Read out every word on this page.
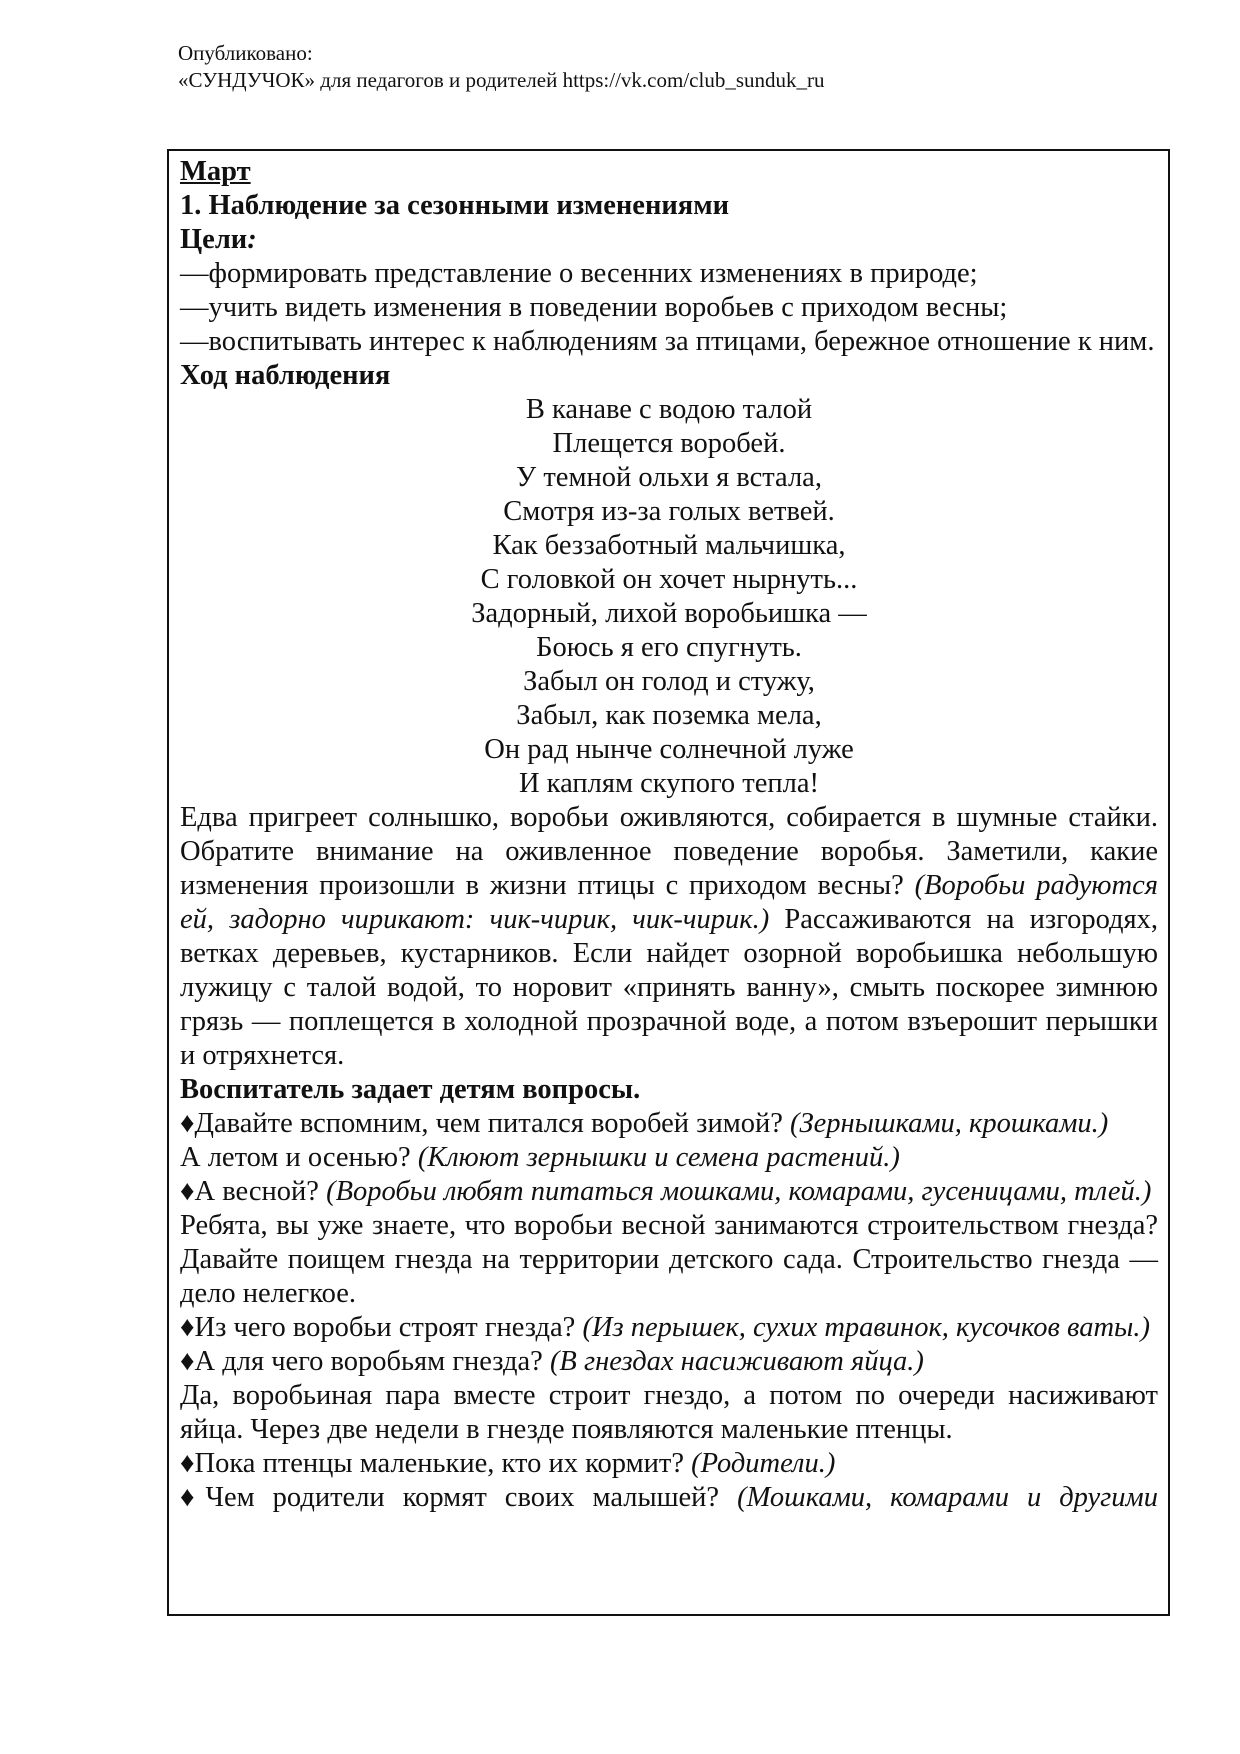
Опубликовано:
«СУНДУЧОК» для педагогов и родителей https://vk.com/club_sunduk_ru

Март

1. Наблюдение за сезонными изменениями

Цели:

—формировать представление о весенних изменениях в природе;

—учить видеть изменения в поведении воробьев с приходом весны;

—воспитывать интерес к наблюдениям за птицами, бережное отношение к ним.

Ход наблюдения

В канаве с водою талой

Плещется воробей.

У темной ольхи я встала,

Смотря из-за голых ветвей.

Как беззаботный мальчишка,

С головкой он хочет нырнуть...

Задорный, лихой воробьишка —

Боюсь я его спугнуть.

Забыл он голод и стужу,

Забыл, как поземка мела,

Он рад нынче солнечной луже

И каплям скупого тепла!

Едва пригреет солнышко, воробьи оживляются, собирается в шумные стайки. Обратите внимание на оживленное поведение воробья. Заметили, какие изменения произошли в жизни птицы с приходом весны? (Воробьи радуются ей, задорно чирикают: чик-чирик, чик-чирик.) Рассаживаются на изгородях, ветках деревьев, кустарников. Если найдет озорной воробьишка небольшую лужицу с талой водой, то норовит «принять ванну», смыть поскорее зимнюю грязь — поплещется в холодной прозрачной воде, а потом взъерошит перышки и отряхнется.

Воспитатель задает детям вопросы.

♦Давайте вспомним, чем питался воробей зимой? (Зернышками, крошками.)

А летом и осенью? (Клюют зернышки и семена растений.)

♦А весной? (Воробьи любят питаться мошками, комарами, гусеницами, тлей.)

Ребята, вы уже знаете, что воробьи весной занимаются строительством гнезда? Давайте поищем гнезда на территории детского сада. Строительство гнезда — дело нелегкое.

♦Из чего воробьи строят гнезда? (Из перышек, сухих травинок, кусочков ваты.)

♦А для чего воробьям гнезда? (В гнездах насиживают яйца.)

Да, воробьиная пара вместе строит гнездо, а потом по очереди насиживают яйца. Через две недели в гнезде появляются маленькие птенцы.

♦Пока птенцы маленькие, кто их кормит? (Родители.)

♦Чем родители кормят своих малышей? (Мошками, комарами и другими
